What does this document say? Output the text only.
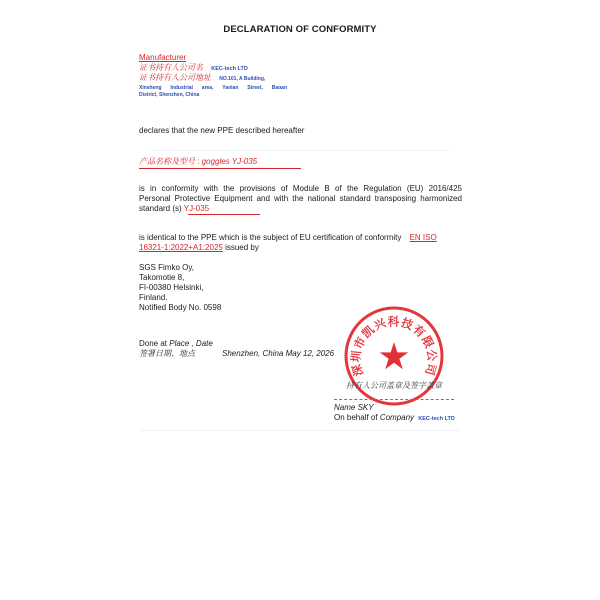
DECLARATION OF CONFORMITY
Manufacturer
证书持有人公司名 KEC-tech LTD
证书持有人公司地址 NO.101, A Building,
Xinsheng Industrial area, Yanlan Street, Baoan
District, Shenzhen, China
declares that the new PPE described hereafter
产品名称及型号 : goggles YJ-035
is in conformity with the provisions of Module B of the Regulation (EU) 2016/425
Personal Protective Equipment and with the national standard transposing harmonized
standard (s) YJ-035
is identical to the PPE which is the subject of EU certification of conformity EN ISO
16321-1:2022+A1:2025 issued by
SGS Fimko Oy,
Takomotie 8,
FI-00380 Helsinki,
Finland.
Notified Body No. 0598
Done at Place , Date
签署日期、地点	Shenzhen, China May 12, 2026
深圳市凯兴科技有限公司
持有人公司盖章及签字盖章
Name SKY
On behalf of Company KEC-tech LTD
